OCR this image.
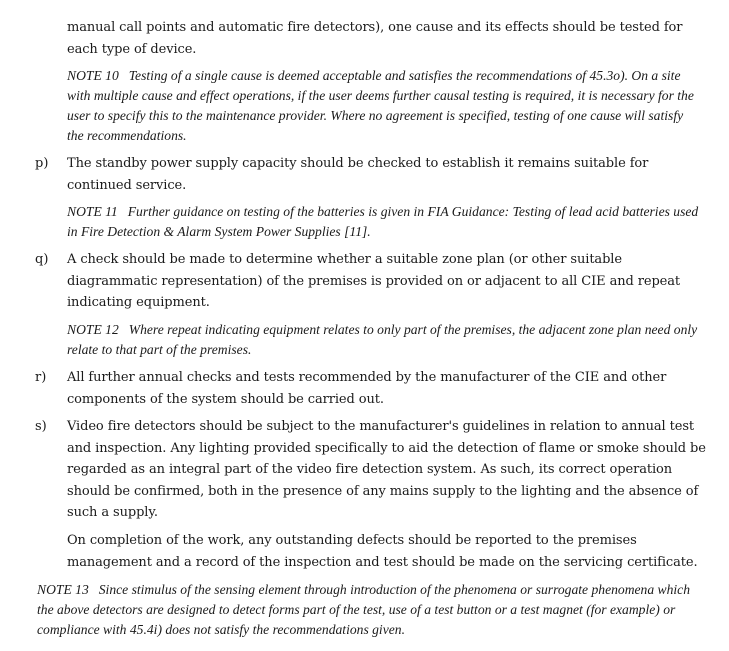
manual call points and automatic fire detectors), one cause and its effects should be tested for each type of device.
NOTE 10 Testing of a single cause is deemed acceptable and satisfies the recommendations of 45.3o). On a site with multiple cause and effect operations, if the user deems further causal testing is required, it is necessary for the user to specify this to the maintenance provider. Where no agreement is specified, testing of one cause will satisfy the recommendations.
p) The standby power supply capacity should be checked to establish it remains suitable for continued service.
NOTE 11 Further guidance on testing of the batteries is given in FIA Guidance: Testing of lead acid batteries used in Fire Detection & Alarm System Power Supplies [11].
q) A check should be made to determine whether a suitable zone plan (or other suitable diagrammatic representation) of the premises is provided on or adjacent to all CIE and repeat indicating equipment.
NOTE 12 Where repeat indicating equipment relates to only part of the premises, the adjacent zone plan need only relate to that part of the premises.
r) All further annual checks and tests recommended by the manufacturer of the CIE and other components of the system should be carried out.
s) Video fire detectors should be subject to the manufacturer's guidelines in relation to annual test and inspection. Any lighting provided specifically to aid the detection of flame or smoke should be regarded as an integral part of the video fire detection system. As such, its correct operation should be confirmed, both in the presence of any mains supply to the lighting and the absence of such a supply.
On completion of the work, any outstanding defects should be reported to the premises management and a record of the inspection and test should be made on the servicing certificate.
NOTE 13 Since stimulus of the sensing element through introduction of the phenomena or surrogate phenomena which the above detectors are designed to detect forms part of the test, use of a test button or a test magnet (for example) or compliance with 45.4i) does not satisfy the recommendations given.
